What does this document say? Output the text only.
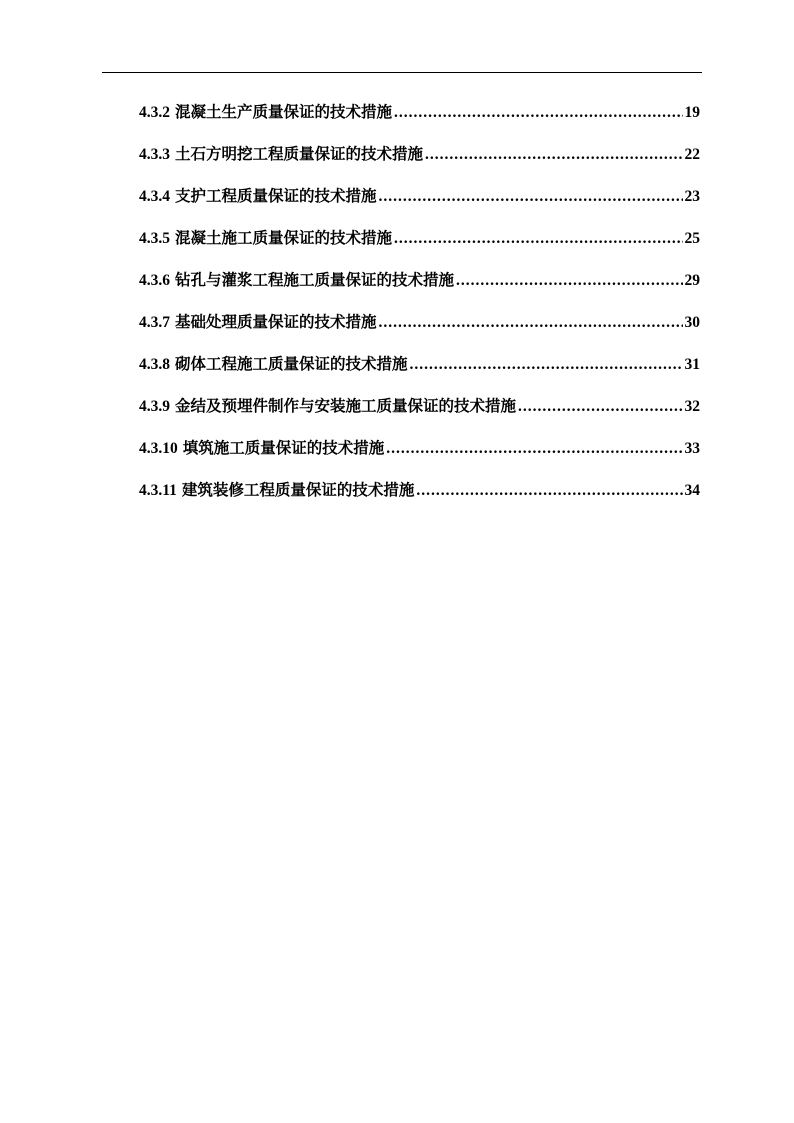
4.3.2 混凝土生产质量保证的技术措施 .....	19
4.3.3 土石方明挖工程质量保证的技术措施 .....	22
4.3.4 支护工程质量保证的技术措施 .....	23
4.3.5 混凝土施工质量保证的技术措施 .....	25
4.3.6 钻孔与灌浆工程施工质量保证的技术措施 .....	29
4.3.7 基础处理质量保证的技术措施 .....	30
4.3.8 砌体工程施工质量保证的技术措施 .....	31
4.3.9 金结及预埋件制作与安装施工质量保证的技术措施 .....	32
4.3.10 填筑施工质量保证的技术措施 .....	33
4.3.11 建筑装修工程质量保证的技术措施 .....	34
